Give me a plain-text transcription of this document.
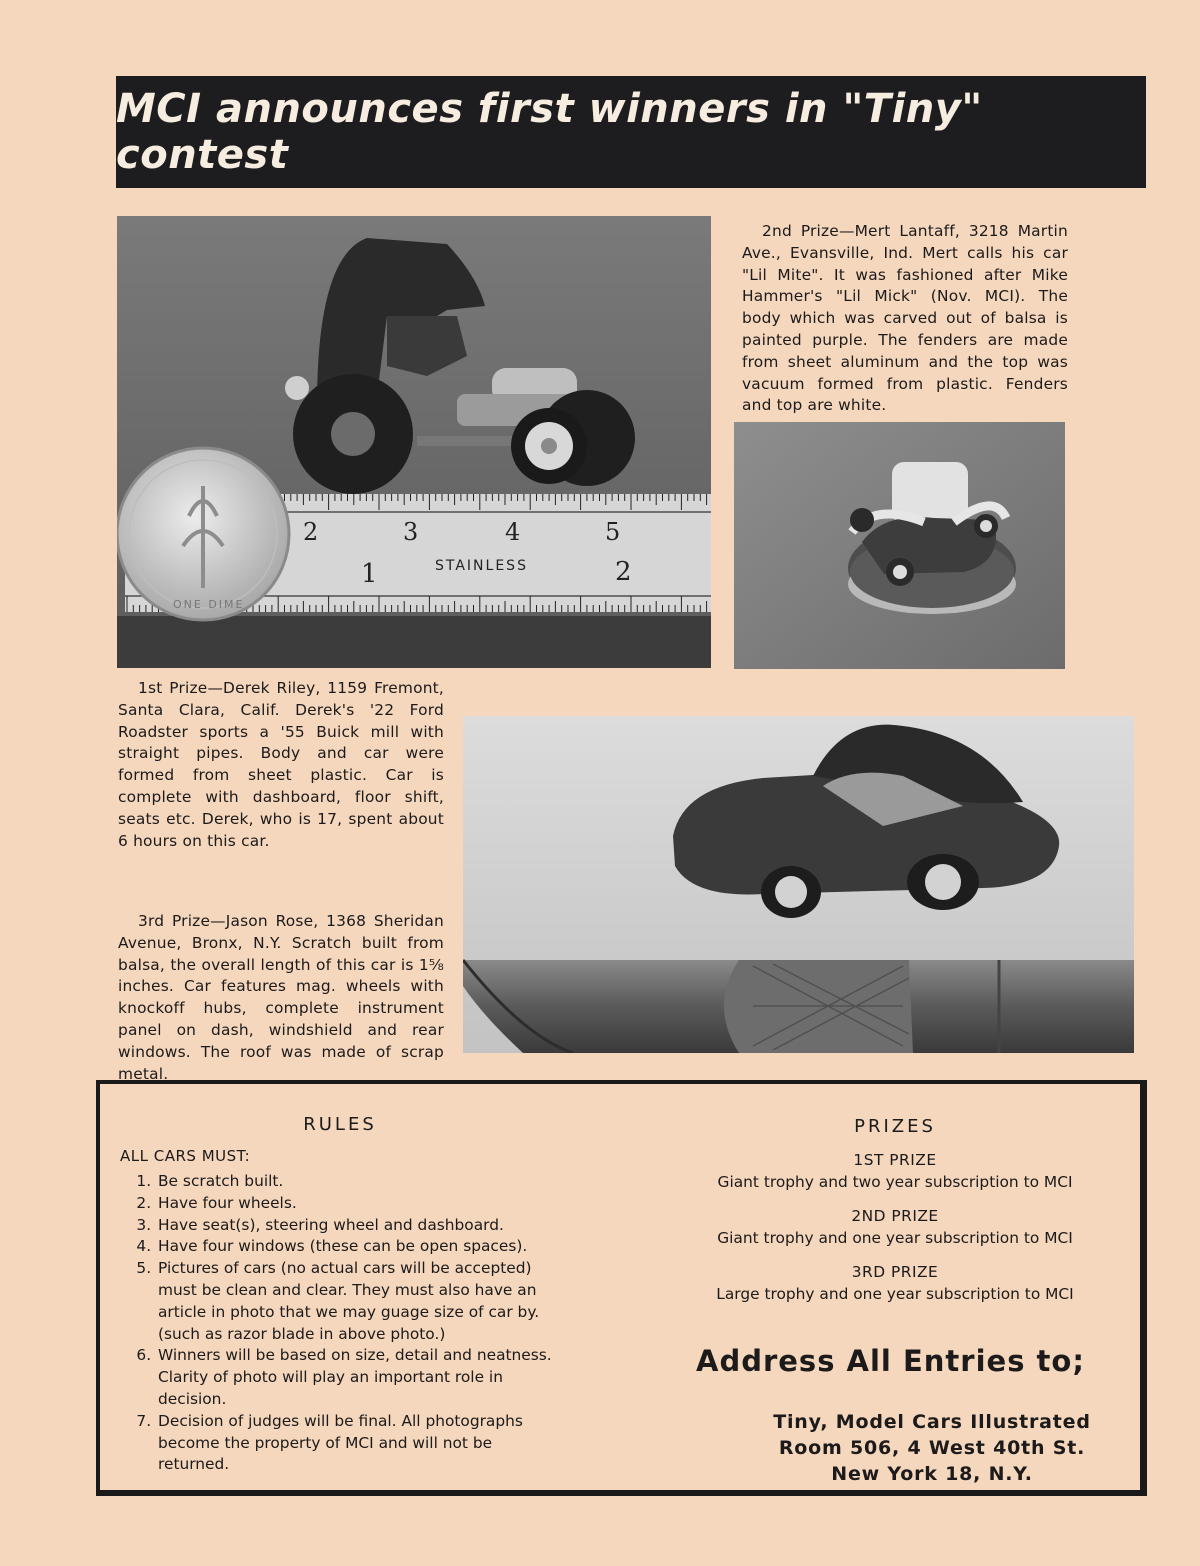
MCI announces first winners in "Tiny" contest
2	3	4	5
1	2
STAINLESS
ONE DIME

2nd Prize—Mert Lantaff, 3218 Martin Ave., Evansville, Ind. Mert calls his car "Lil Mite". It was fashioned after Mike Hammer's "Lil Mick" (Nov. MCI). The body which was carved out of balsa is painted purple. The fenders are made from sheet aluminum and the top was vacuum formed from plastic. Fenders and top are white.

1st Prize—Derek Riley, 1159 Fremont, Santa Clara, Calif. Derek's '22 Ford Roadster sports a '55 Buick mill with straight pipes. Body and car were formed from sheet plastic. Car is complete with dashboard, floor shift, seats etc. Derek, who is 17, spent about 6 hours on this car.

3rd Prize—Jason Rose, 1368 Sheridan Avenue, Bronx, N.Y. Scratch built from balsa, the overall length of this car is 1⅝ inches. Car features mag. wheels with knockoff hubs, complete instrument panel on dash, windshield and rear windows. The roof was made of scrap metal.

RULES
ALL CARS MUST:
1. Be scratch built.
2. Have four wheels.
3. Have seat(s), steering wheel and dashboard.
4. Have four windows (these can be open spaces).
5. Pictures of cars (no actual cars will be accepted) must be clean and clear. They must also have an article in photo that we may guage size of car by. (such as razor blade in above photo.)
6. Winners will be based on size, detail and neatness. Clarity of photo will play an important role in decision.
7. Decision of judges will be final. All photographs become the property of MCI and will not be returned.
PRIZES
1ST PRIZE
Giant trophy and two year subscription to MCI
2ND PRIZE
Giant trophy and one year subscription to MCI
3RD PRIZE
Large trophy and one year subscription to MCI
Address All Entries to;
Tiny, Model Cars Illustrated
Room 506, 4 West 40th St.
New York 18, N.Y.
